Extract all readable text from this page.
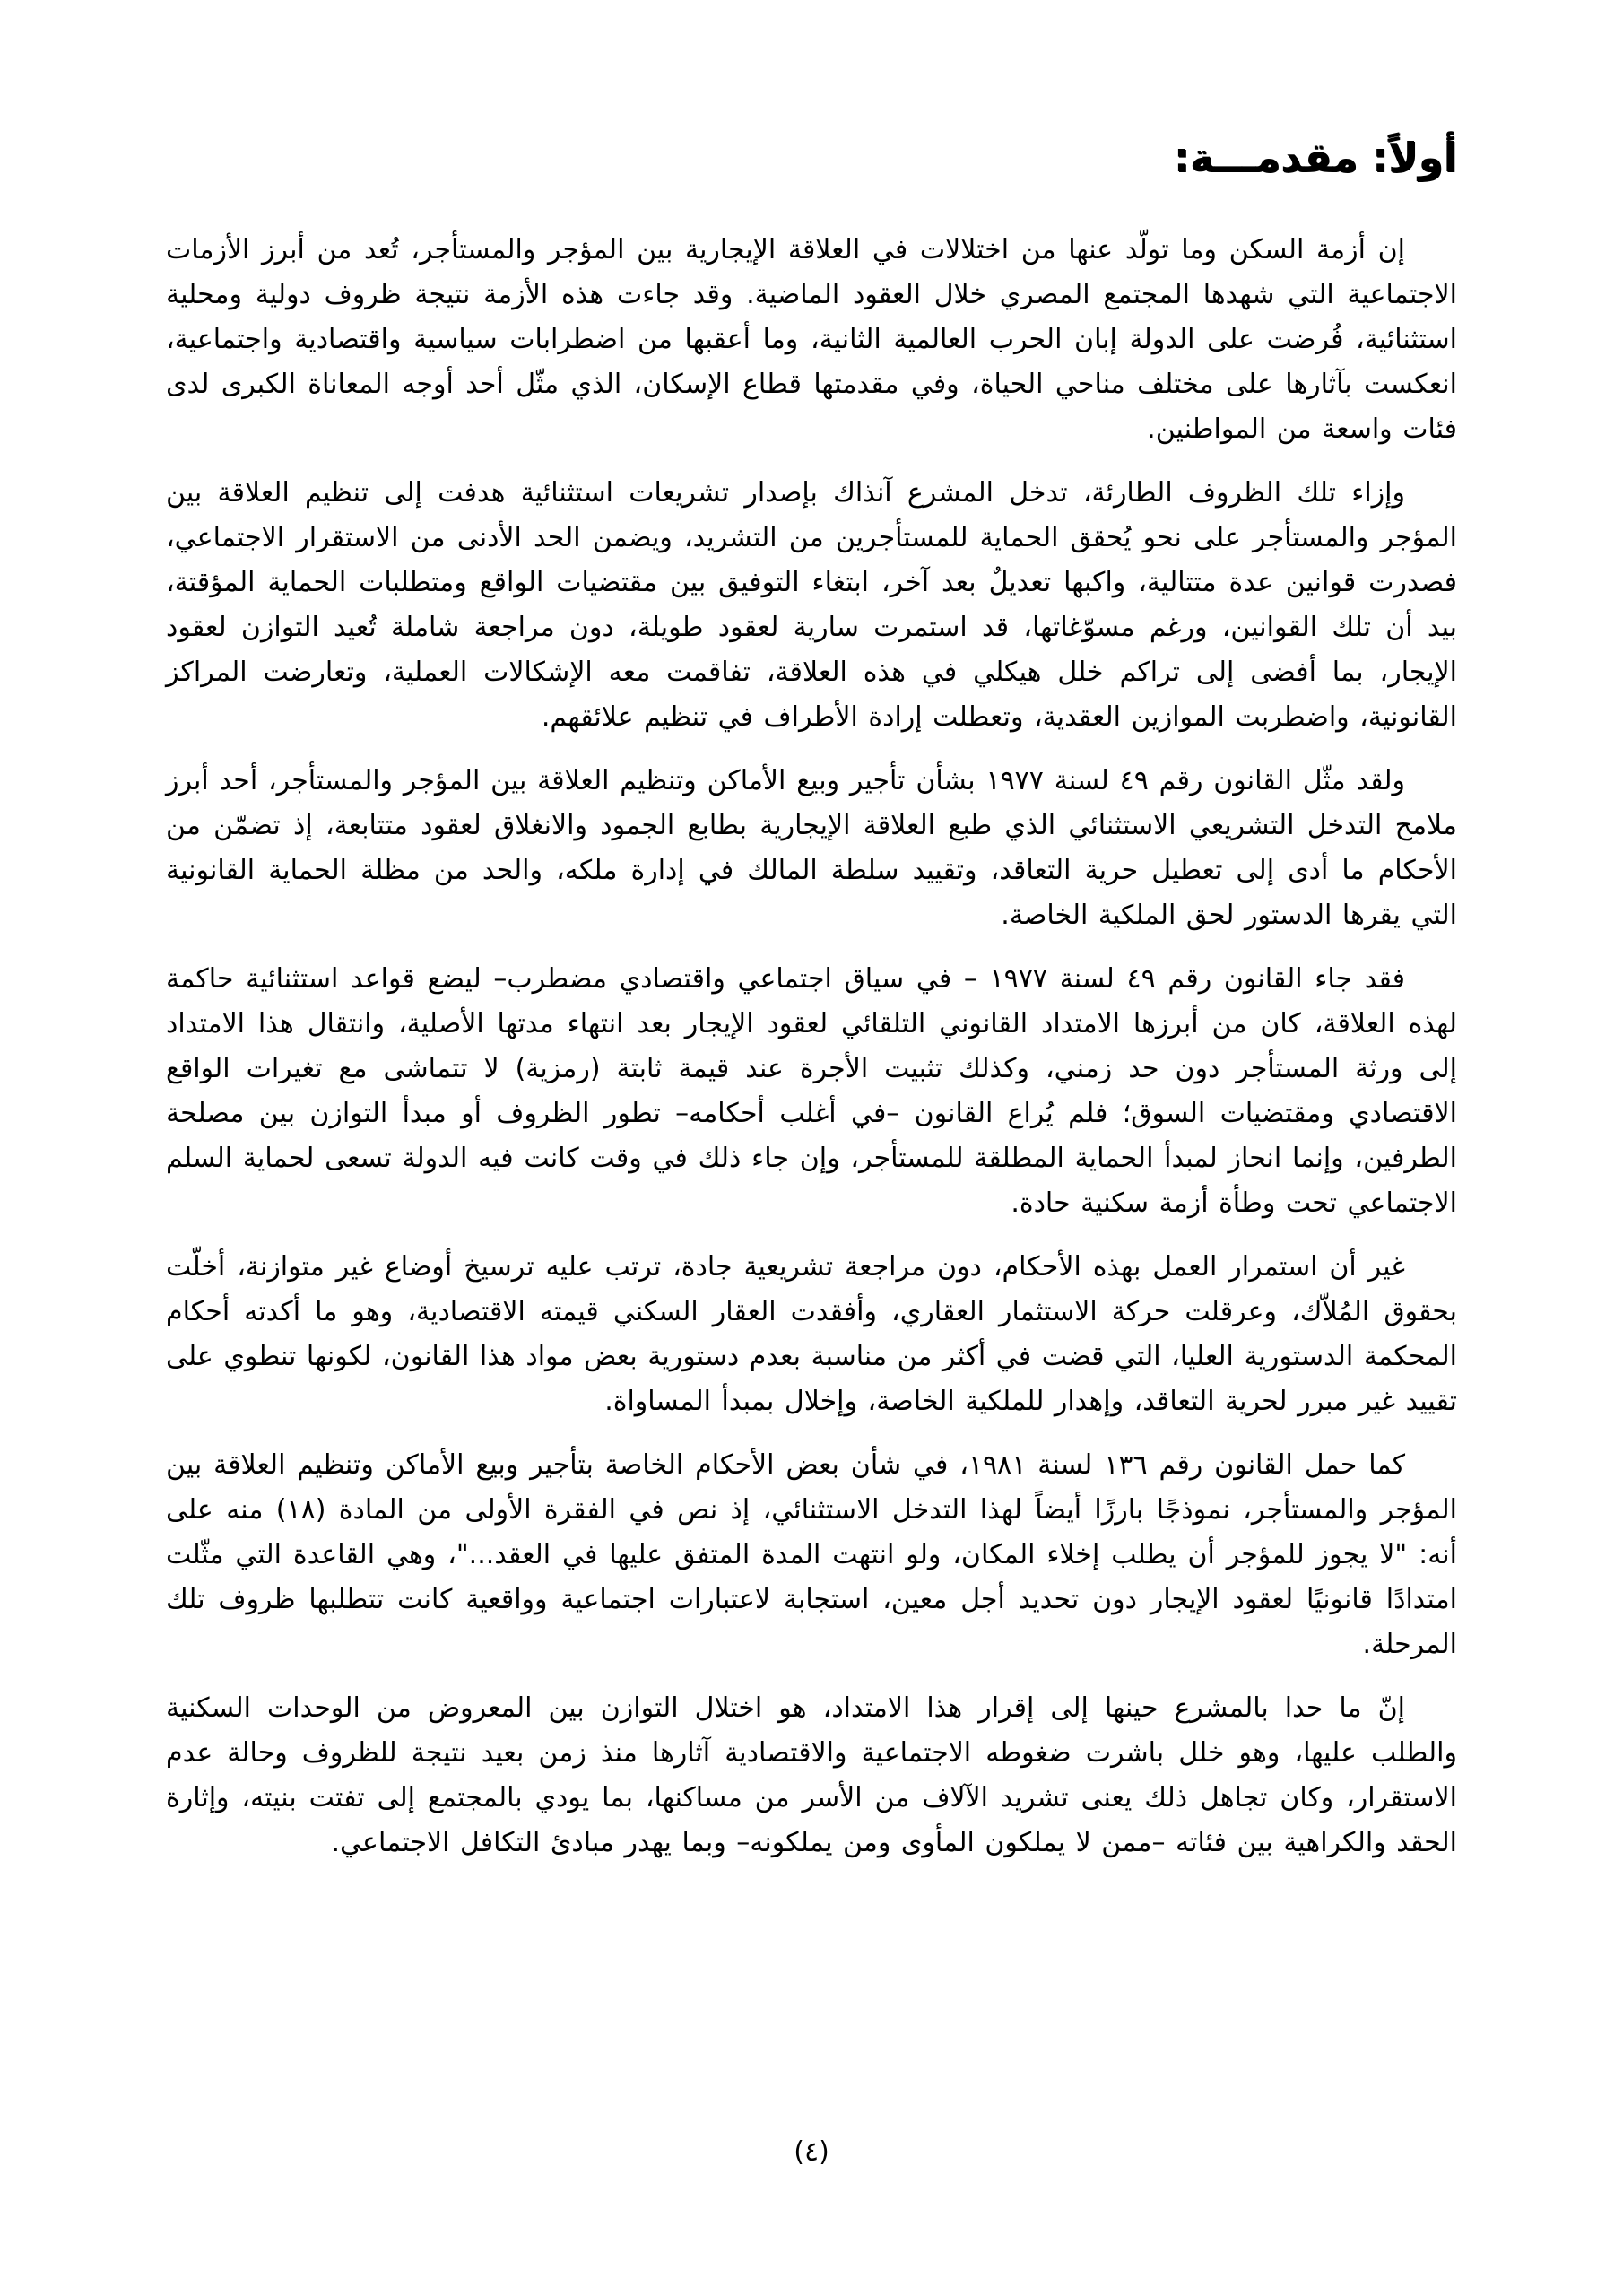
أولاً: مقدمـــة:

إن أزمة السكن وما تولّد عنها من اختلالات في العلاقة الإيجارية بين المؤجر والمستأجر، تُعد من أبرز الأزمات الاجتماعية التي شهدها المجتمع المصري خلال العقود الماضية. وقد جاءت هذه الأزمة نتيجة ظروف دولية ومحلية استثنائية، فُرضت على الدولة إبان الحرب العالمية الثانية، وما أعقبها من اضطرابات سياسية واقتصادية واجتماعية، انعكست بآثارها على مختلف مناحي الحياة، وفي مقدمتها قطاع الإسكان، الذي مثّل أحد أوجه المعاناة الكبرى لدى فئات واسعة من المواطنين.

وإزاء تلك الظروف الطارئة، تدخل المشرع آنذاك بإصدار تشريعات استثنائية هدفت إلى تنظيم العلاقة بين المؤجر والمستأجر على نحو يُحقق الحماية للمستأجرين من التشريد، ويضمن الحد الأدنى من الاستقرار الاجتماعي، فصدرت قوانين عدة متتالية، واكبها تعديلٌ بعد آخر، ابتغاء التوفيق بين مقتضيات الواقع ومتطلبات الحماية المؤقتة، بيد أن تلك القوانين، ورغم مسوّغاتها، قد استمرت سارية لعقود طويلة، دون مراجعة شاملة تُعيد التوازن لعقود الإيجار، بما أفضى إلى تراكم خلل هيكلي في هذه العلاقة، تفاقمت معه الإشكالات العملية، وتعارضت المراكز القانونية، واضطربت الموازين العقدية، وتعطلت إرادة الأطراف في تنظيم علائقهم.

ولقد مثّل القانون رقم ٤٩ لسنة ١٩٧٧ بشأن تأجير وبيع الأماكن وتنظيم العلاقة بين المؤجر والمستأجر، أحد أبرز ملامح التدخل التشريعي الاستثنائي الذي طبع العلاقة الإيجارية بطابع الجمود والانغلاق لعقود متتابعة، إذ تضمّن من الأحكام ما أدى إلى تعطيل حرية التعاقد، وتقييد سلطة المالك في إدارة ملكه، والحد من مظلة الحماية القانونية التي يقرها الدستور لحق الملكية الخاصة.

فقد جاء القانون رقم ٤٩ لسنة ١٩٧٧ – في سياق اجتماعي واقتصادي مضطرب– ليضع قواعد استثنائية حاكمة لهذه العلاقة، كان من أبرزها الامتداد القانوني التلقائي لعقود الإيجار بعد انتهاء مدتها الأصلية، وانتقال هذا الامتداد إلى ورثة المستأجر دون حد زمني، وكذلك تثبيت الأجرة عند قيمة ثابتة (رمزية) لا تتماشى مع تغيرات الواقع الاقتصادي ومقتضيات السوق؛ فلم يُراع القانون –في أغلب أحكامه– تطور الظروف أو مبدأ التوازن بين مصلحة الطرفين، وإنما انحاز لمبدأ الحماية المطلقة للمستأجر، وإن جاء ذلك في وقت كانت فيه الدولة تسعى لحماية السلم الاجتماعي تحت وطأة أزمة سكنية حادة.

غير أن استمرار العمل بهذه الأحكام، دون مراجعة تشريعية جادة، ترتب عليه ترسيخ أوضاع غير متوازنة، أخلّت بحقوق المُلاّك، وعرقلت حركة الاستثمار العقاري، وأفقدت العقار السكني قيمته الاقتصادية، وهو ما أكدته أحكام المحكمة الدستورية العليا، التي قضت في أكثر من مناسبة بعدم دستورية بعض مواد هذا القانون، لكونها تنطوي على تقييد غير مبرر لحرية التعاقد، وإهدار للملكية الخاصة، وإخلال بمبدأ المساواة.

كما حمل القانون رقم ١٣٦ لسنة ١٩٨١، في شأن بعض الأحكام الخاصة بتأجير وبيع الأماكن وتنظيم العلاقة بين المؤجر والمستأجر، نموذجًا بارزًا أيضاً لهذا التدخل الاستثنائي، إذ نص في الفقرة الأولى من المادة (١٨) منه على أنه: "لا يجوز للمؤجر أن يطلب إخلاء المكان، ولو انتهت المدة المتفق عليها في العقد..."، وهي القاعدة التي مثّلت امتدادًا قانونيًا لعقود الإيجار دون تحديد أجل معين، استجابة لاعتبارات اجتماعية وواقعية كانت تتطلبها ظروف تلك المرحلة.

إنّ ما حدا بالمشرع حينها إلى إقرار هذا الامتداد، هو اختلال التوازن بين المعروض من الوحدات السكنية والطلب عليها، وهو خلل باشرت ضغوطه الاجتماعية والاقتصادية آثارها منذ زمن بعيد نتيجة للظروف وحالة عدم الاستقرار، وكان تجاهل ذلك يعنى تشريد الآلاف من الأسر من مساكنها، بما يودي بالمجتمع إلى تفتت بنيته، وإثارة الحقد والكراهية بين فئاته –ممن لا يملكون المأوى ومن يملكونه– وبما يهدر مبادئ التكافل الاجتماعي.

(٤)
